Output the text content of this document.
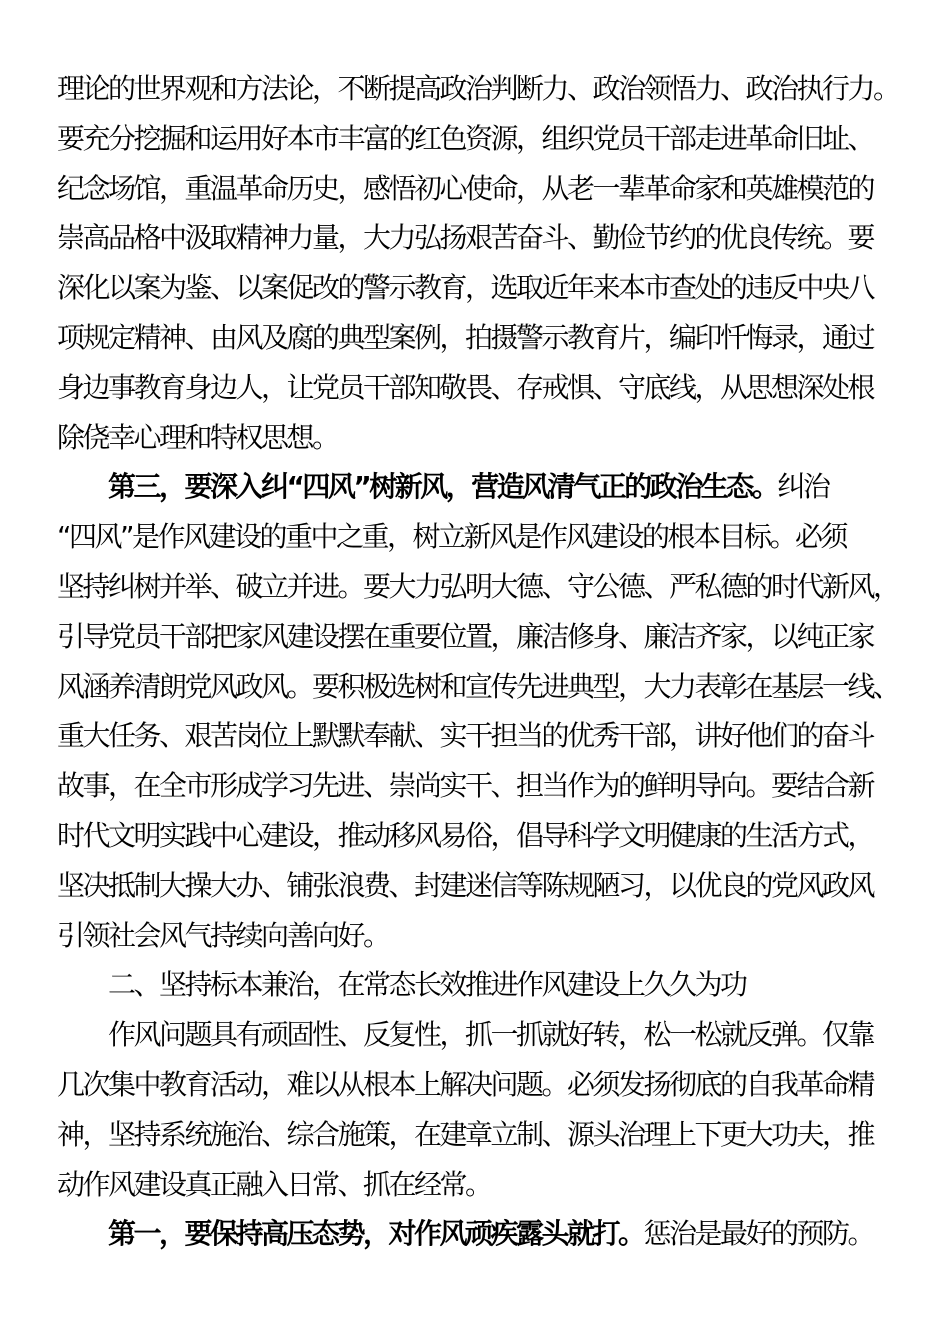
理论的世界观和方法论，不断提高政治判断力、政治领悟力、政治执行力。
要充分挖掘和运用好本市丰富的红色资源，组织党员干部走进革命旧址、
纪念场馆，重温革命历史，感悟初心使命，从老一辈革命家和英雄模范的
崇高品格中汲取精神力量，大力弘扬艰苦奋斗、勤俭节约的优良传统。要
深化以案为鉴、以案促改的警示教育，选取近年来本市查处的违反中央八
项规定精神、由风及腐的典型案例，拍摄警示教育片，编印忏悔录，通过
身边事教育身边人，让党员干部知敬畏、存戒惧、守底线，从思想深处根
除侥幸心理和特权思想。
第三，要深入纠“四风”树新风，营造风清气正的政治生态。纠治
“四风”是作风建设的重中之重，树立新风是作风建设的根本目标。必须
坚持纠树并举、破立并进。要大力弘明大德、守公德、严私德的时代新风，
引导党员干部把家风建设摆在重要位置，廉洁修身、廉洁齐家，以纯正家
风涵养清朗党风政风。要积极选树和宣传先进典型，大力表彰在基层一线、
重大任务、艰苦岗位上默默奉献、实干担当的优秀干部，讲好他们的奋斗
故事，在全市形成学习先进、崇尚实干、担当作为的鲜明导向。要结合新
时代文明实践中心建设，推动移风易俗，倡导科学文明健康的生活方式，
坚决抵制大操大办、铺张浪费、封建迷信等陈规陋习，以优良的党风政风
引领社会风气持续向善向好。
二、坚持标本兼治，在常态长效推进作风建设上久久为功
作风问题具有顽固性、反复性，抓一抓就好转，松一松就反弹。仅靠
几次集中教育活动，难以从根本上解决问题。必须发扬彻底的自我革命精
神，坚持系统施治、综合施策，在建章立制、源头治理上下更大功夫，推
动作风建设真正融入日常、抓在经常。
第一，要保持高压态势，对作风顽疾露头就打。惩治是最好的预防。
